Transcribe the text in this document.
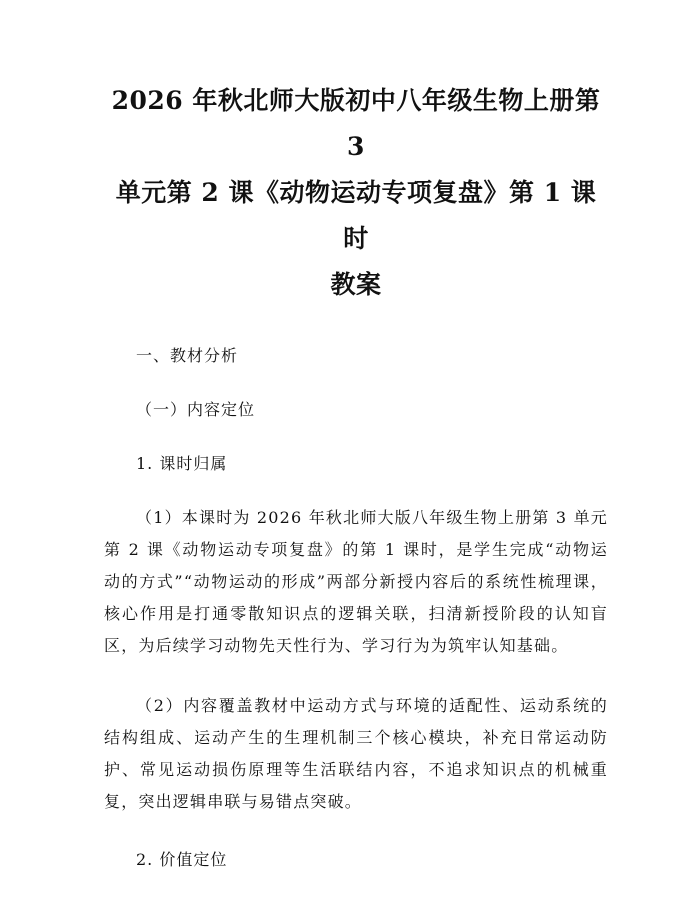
2026 年秋北师大版初中八年级生物上册第 3
单元第 2 课《动物运动专项复盘》第 1 课时
教案

一、教材分析

（一）内容定位

1. 课时归属

（1）本课时为 2026 年秋北师大版八年级生物上册第 3 单元第 2 课《动物运动专项复盘》的第 1 课时，是学生完成“动物运动的方式”“动物运动的形成”两部分新授内容后的系统性梳理课，核心作用是打通零散知识点的逻辑关联，扫清新授阶段的认知盲区，为后续学习动物先天性行为、学习行为为筑牢认知基础。

（2）内容覆盖教材中运动方式与环境的适配性、运动系统的结构组成、运动产生的生理机制三个核心模块，补充日常运动防护、常见运动损伤原理等生活联结内容，不追求知识点的机械重复，突出逻辑串联与易错点突破。

2. 价值定位
